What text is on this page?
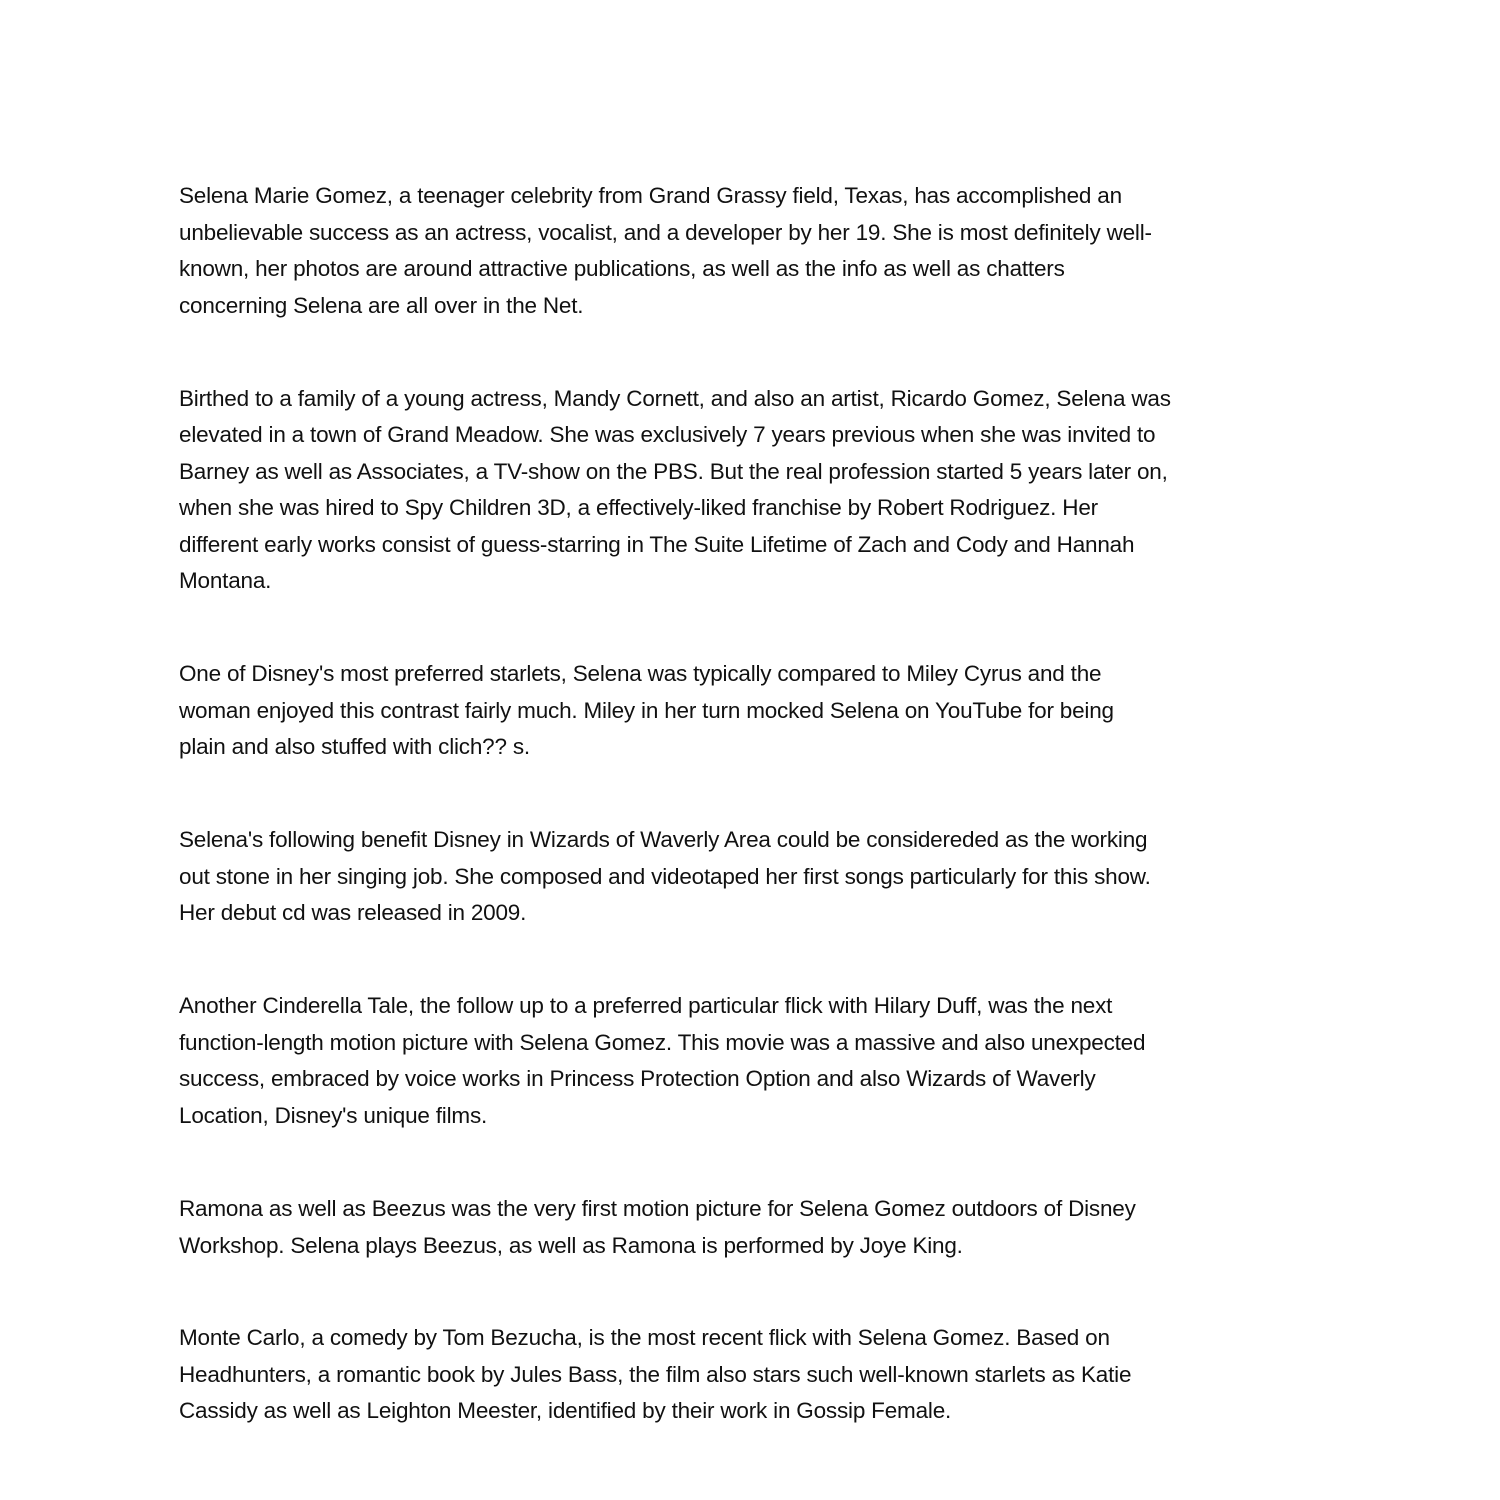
Selena Marie Gomez, a teenager celebrity from Grand Grassy field, Texas, has accomplished an

unbelievable success as an actress, vocalist, and a developer by her 19. She is most definitely well-

known, her photos are around attractive publications, as well as the info as well as chatters

concerning Selena are all over in the Net.

Birthed to a family of a young actress, Mandy Cornett, and also an artist, Ricardo Gomez, Selena was

elevated in a town of Grand Meadow. She was exclusively 7 years previous when she was invited to

Barney as well as Associates, a TV-show on the PBS. But the real profession started 5 years later on,

when she was hired to Spy Children 3D, a effectively-liked franchise by Robert Rodriguez. Her

different early works consist of guess-starring in The Suite Lifetime of Zach and Cody and Hannah

Montana.

One of Disney's most preferred starlets, Selena was typically compared to Miley Cyrus and the

woman enjoyed this contrast fairly much. Miley in her turn mocked Selena on YouTube for being

plain and also stuffed with clich?? s.

Selena's following benefit Disney in Wizards of Waverly Area could be considereded as the working

out stone in her singing job. She composed and videotaped her first songs particularly for this show.

Her debut cd was released in 2009.

Another Cinderella Tale, the follow up to a preferred particular flick with Hilary Duff, was the next

function-length motion picture with Selena Gomez. This movie was a massive and also unexpected

success, embraced by voice works in Princess Protection Option and also Wizards of Waverly

Location, Disney's unique films.

Ramona as well as Beezus was the very first motion picture for Selena Gomez outdoors of Disney

Workshop. Selena plays Beezus, as well as Ramona is performed by Joye King.

Monte Carlo, a comedy by Tom Bezucha, is the most recent flick with Selena Gomez. Based on

Headhunters, a romantic book by Jules Bass, the film also stars such well-known starlets as Katie

Cassidy as well as Leighton Meester, identified by their work in Gossip Female.
